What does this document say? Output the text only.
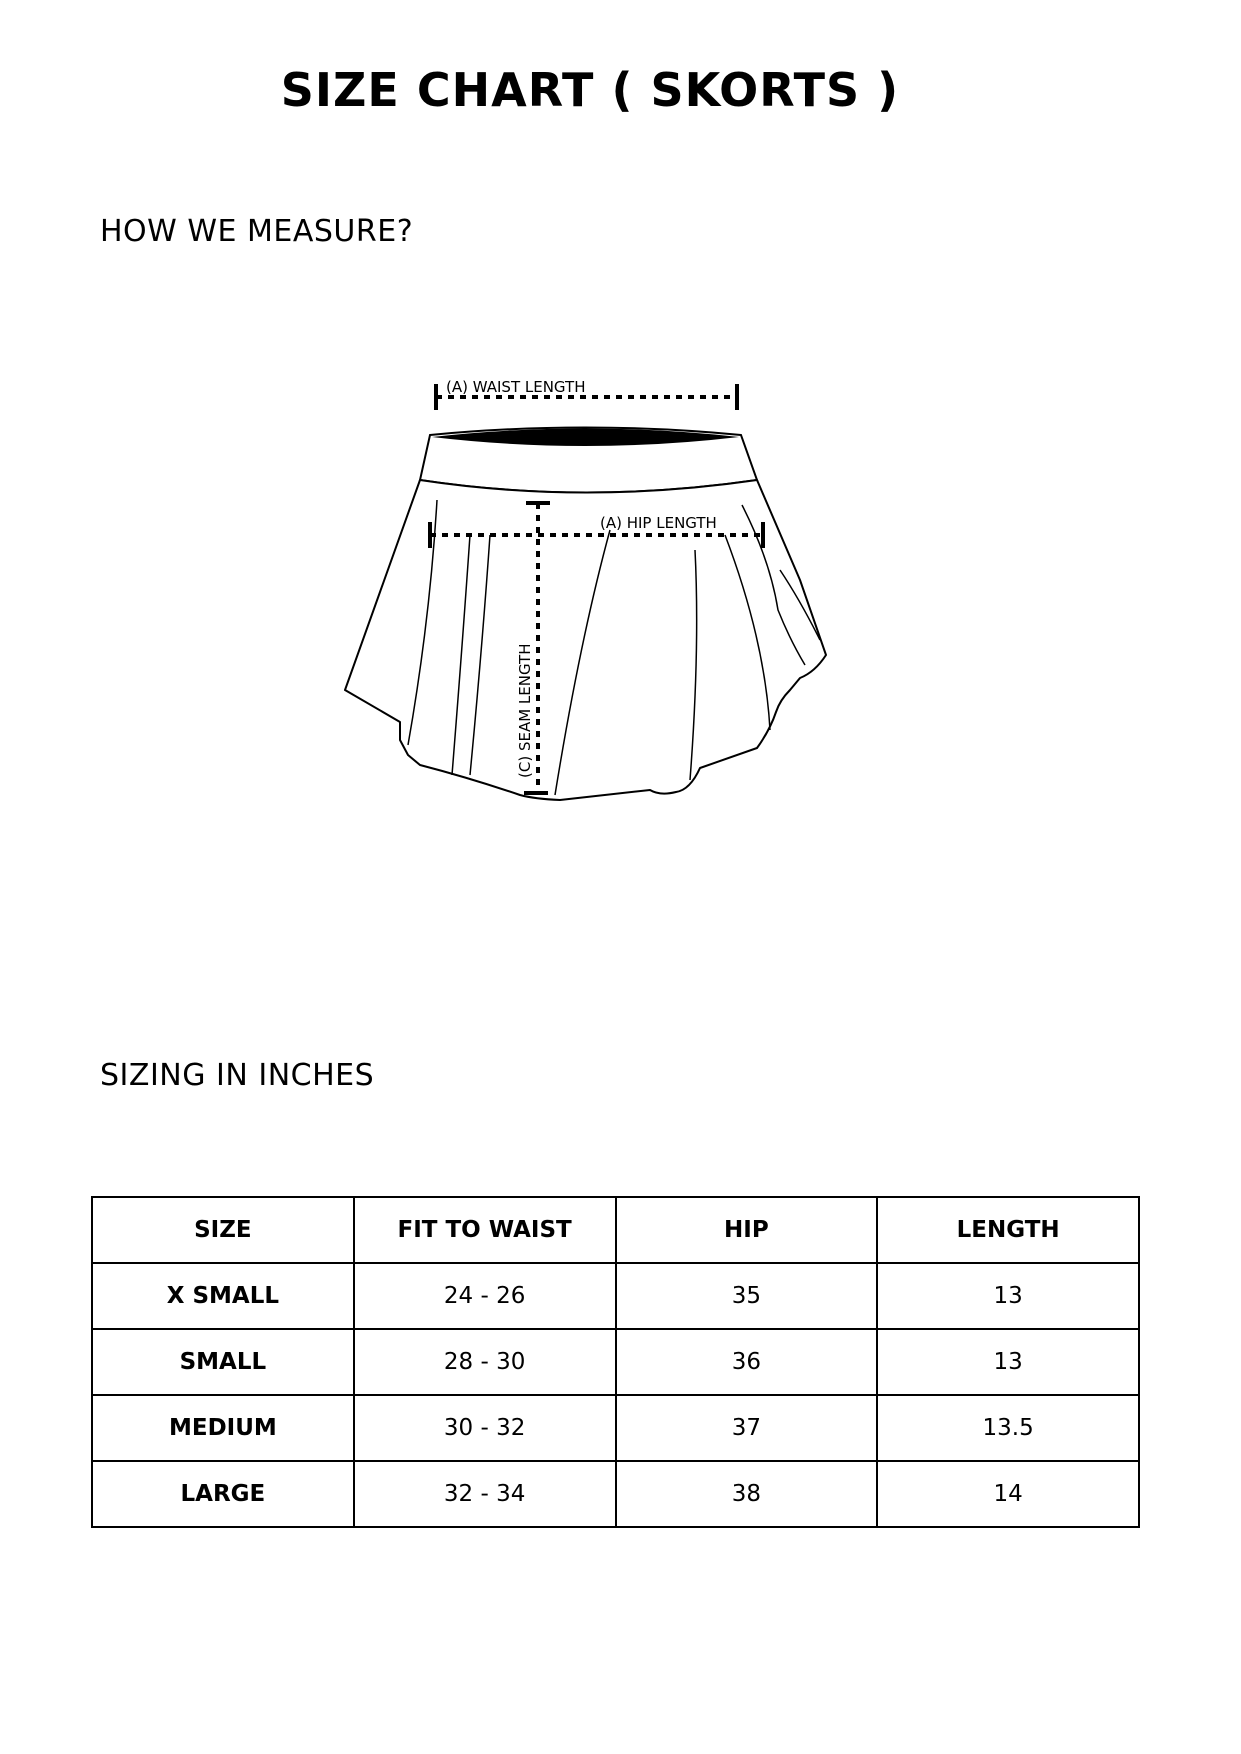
SIZE CHART ( SKORTS )
HOW WE MEASURE?
(A) WAIST LENGTH
(A) HIP LENGTH
(C) SEAM LENGTH
SIZING IN INCHES
SIZE	FIT TO WAIST	HIP	LENGTH
X SMALL	24 - 26	35	13
SMALL	28 - 30	36	13
MEDIUM	30 - 32	37	13.5
LARGE	32 - 34	38	14
